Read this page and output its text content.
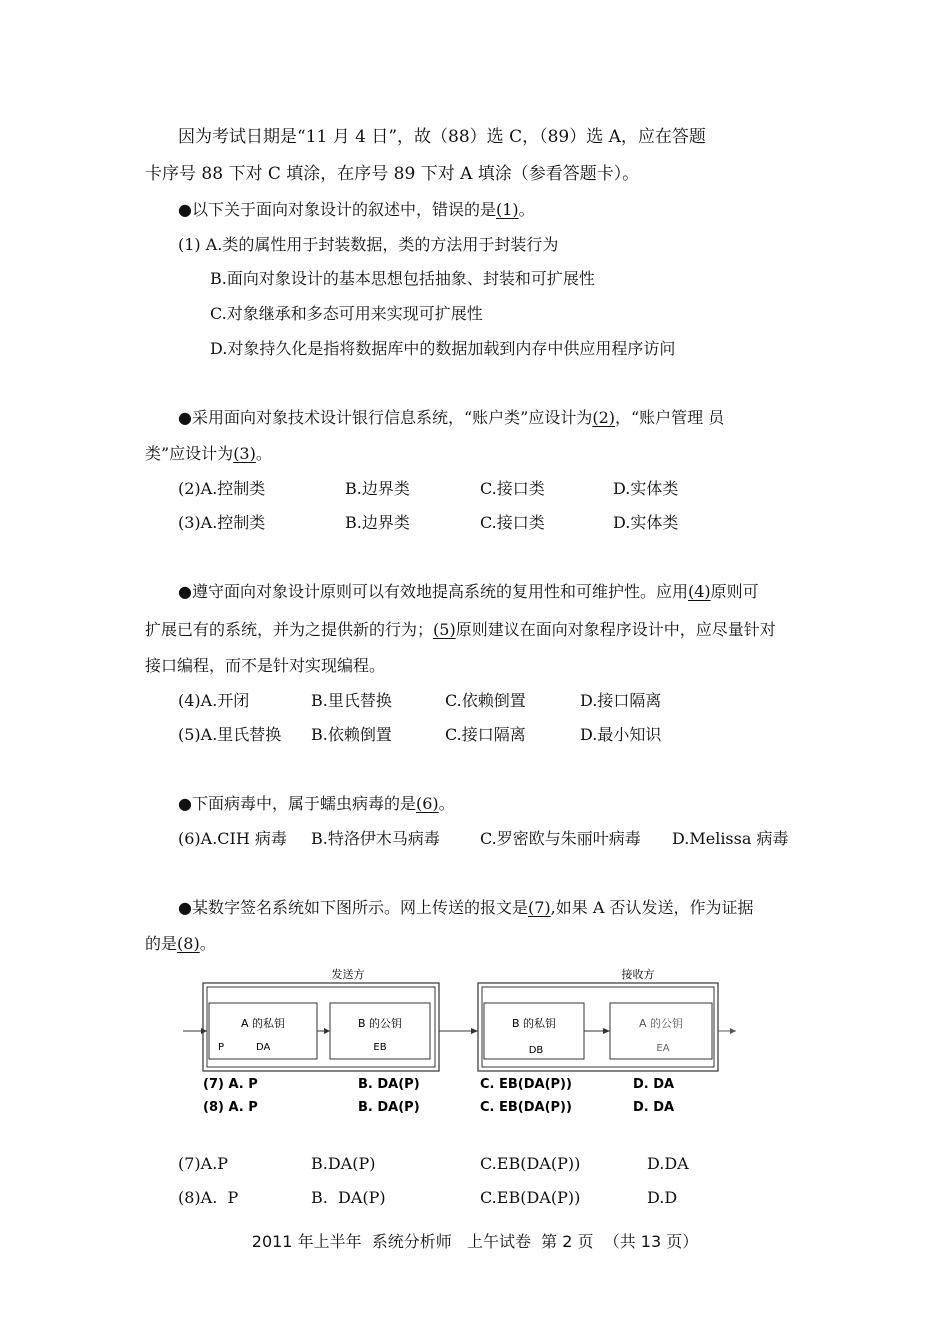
因为考试日期是“11 月 4 日”，故（88）选 C，（89）选 A，应在答题
卡序号 88 下对 C 填涂，在序号 89 下对 A 填涂（参看答题卡）。
●以下关于面向对象设计的叙述中，错误的是(1)。
(1) A.类的属性用于封装数据，类的方法用于封装行为
B.面向对象设计的基本思想包括抽象、封装和可扩展性
C.对象继承和多态可用来实现可扩展性
D.对象持久化是指将数据库中的数据加载到内存中供应用程序访问
●采用面向对象技术设计银行信息系统，“账户类”应设计为(2)，“账户管理 员
类”应设计为(3)。
(2)A.控制类	B.边界类	C.接口类	D.实体类
(3)A.控制类	B.边界类	C.接口类	D.实体类
●遵守面向对象设计原则可以有效地提高系统的复用性和可维护性。应用(4)原则可
扩展已有的系统，并为之提供新的行为；(5)原则建议在面向对象程序设计中，应尽量针对
接口编程，而不是针对实现编程。
(4)A.开闭	B.里氏替换	C.依赖倒置	D.接口隔离
(5)A.里氏替换 B.依赖倒置	C.接口隔离	D.最小知识
●下面病毒中，属于蠕虫病毒的是(6)。
(6)A.CIH 病毒 B.特洛伊木马病毒	C.罗密欧与朱丽叶病毒 D.Melissa 病毒
●某数字签名系统如下图所示。网上传送的报文是(7),如果 A 否认发送，作为证据
的是(8)。
发送方	接收方
A 的私钥
P	DA
B 的公钥
EB
B 的私钥
DB
A 的公钥
EA
(7) A. P	B. DA(P)	C. EB(DA(P))	D. DA
(8) A. P	B. DA(P)	C. EB(DA(P))	D. DA
(7)A.P	B.DA(P)	C.EB(DA(P))	D.DA
(8)A.  P	B.  DA(P)	C.EB(DA(P))	D.D
2011 年上半年  系统分析师   上午试卷  第 2 页  （共 13 页）
